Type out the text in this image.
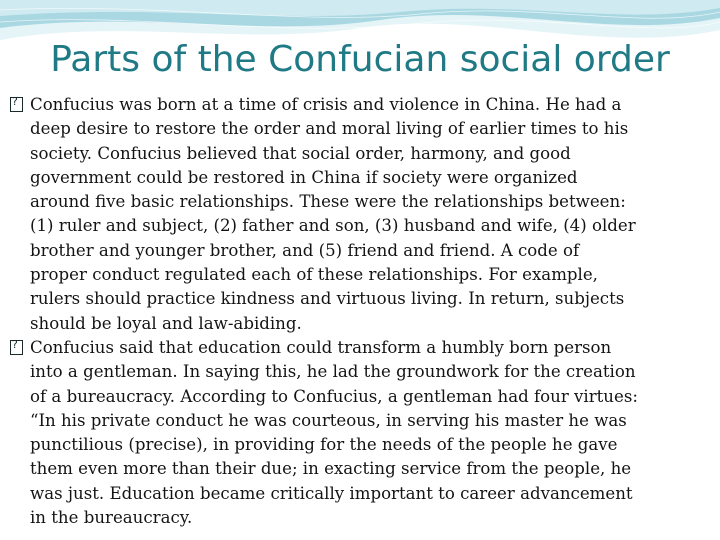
Parts of the Confucian social order
?

Confucius was born at a time of crisis and violence in China. He had a
deep desire to restore the order and moral living of earlier times to his
society. Confucius believed that social order, harmony, and good
government could be restored in China if society were organized
around five basic relationships. These were the relationships between:
(1) ruler and subject, (2) father and son, (3) husband and wife, (4) older
brother and younger brother, and (5) friend and friend. A code of
proper conduct regulated each of these relationships. For example,
rulers should practice kindness and virtuous living. In return, subjects
should be loyal and law-abiding.

?

Confucius said that education could transform a humbly born person
into a gentleman. In saying this, he lad the groundwork for the creation
of a bureaucracy. According to Confucius, a gentleman had four virtues:
“In his private conduct he was courteous, in serving his master he was
punctilious (precise), in providing for the needs of the people he gave
them even more than their due; in exacting service from the people, he
was just. Education became critically important to career advancement
in the bureaucracy.
